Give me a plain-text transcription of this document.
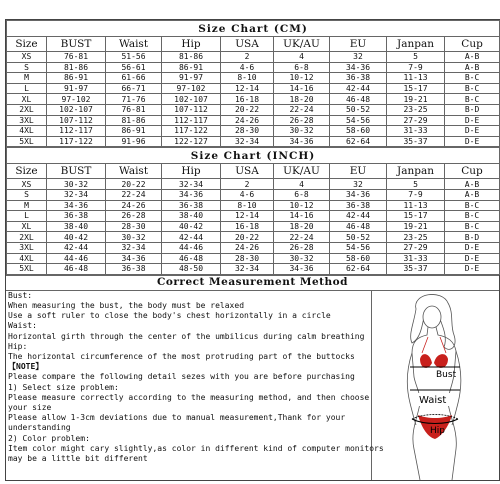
Size Chart (CM)								
Size	BUST	Waist	Hip	USA	UK/AU	EU	Janpan	Cup
XS	76-81	51-56	81-86	2	4	32	5	A-B
S	81-86	56-61	86-91	4-6	6-8	34-36	7-9	A-B
M	86-91	61-66	91-97	8-10	10-12	36-38	11-13	B-C
L	91-97	66-71	97-102	12-14	14-16	42-44	15-17	B-C
XL	97-102	71-76	102-107	16-18	18-20	46-48	19-21	B-C
2XL	102-107	76-81	107-112	20-22	22-24	50-52	23-25	B-D
3XL	107-112	81-86	112-117	24-26	26-28	54-56	27-29	D-E
4XL	112-117	86-91	117-122	28-30	30-32	58-60	31-33	D-E
5XL	117-122	91-96	122-127	32-34	34-36	62-64	35-37	D-E
Size Chart (INCH)								
Size	BUST	Waist	Hip	USA	UK/AU	EU	Janpan	Cup
XS	30-32	20-22	32-34	2	4	32	5	A-B
S	32-34	22-24	34-36	4-6	6-8	34-36	7-9	A-B
M	34-36	24-26	36-38	8-10	10-12	36-38	11-13	B-C
L	36-38	26-28	38-40	12-14	14-16	42-44	15-17	B-C
XL	38-40	28-30	40-42	16-18	18-20	46-48	19-21	B-C
2XL	40-42	30-32	42-44	20-22	22-24	50-52	23-25	B-D
3XL	42-44	32-34	44-46	24-26	26-28	54-56	27-29	D-E
4XL	44-46	34-36	46-48	28-30	30-32	58-60	31-33	D-E
5XL	46-48	36-38	48-50	32-34	34-36	62-64	35-37	D-E
Correct Measurement Method
Bust:
When measuring the bust, the body must be relaxed
Use a soft ruler to close the body's chest horizontally in a circle
Waist:
Horizontal girth through the center of the umbilicus during calm breathing
Hip:
The horizontal circumference of the most protruding part of the buttocks
【NOTE】
Please compare the following detail sezes with you are before purchasing
1) Select size problem:
Please measure correctly according to the measuring method, and then choose
your size
Please allow 1-3cm deviations due to manual measurement,Thank for your
understanding
2) Color problem:
Item color might cary slightly,as color in different kind of computer monitors
may be a little bit different
Bust
Waist
Hip
